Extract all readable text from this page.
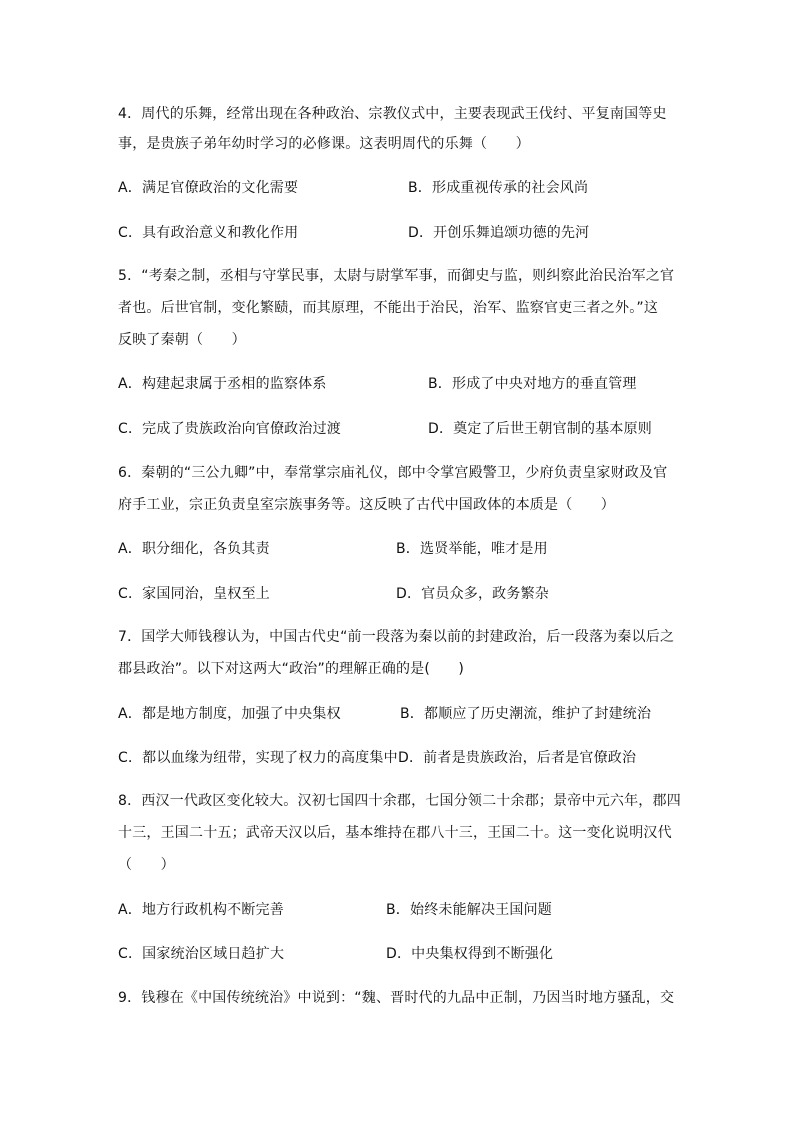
4．周代的乐舞，经常出现在各种政治、宗教仪式中，主要表现武王伐纣、平复南国等史
事，是贵族子弟年幼时学习的必修课。这表明周代的乐舞（　　）
A．满足官僚政治的文化需要	B．形成重视传承的社会风尚
C．具有政治意义和教化作用	D．开创乐舞追颂功德的先河
5．“考秦之制，丞相与守掌民事，太尉与尉掌军事，而御史与监，则纠察此治民治军之官
者也。后世官制，变化繁赜，而其原理，不能出于治民，治军、监察官吏三者之外。”这
反映了秦朝（　　）
A．构建起隶属于丞相的监察体系	B．形成了中央对地方的垂直管理
C．完成了贵族政治向官僚政治过渡	D．奠定了后世王朝官制的基本原则
6．秦朝的“三公九卿”中，奉常掌宗庙礼仪，郎中令掌宫殿警卫，少府负责皇家财政及官
府手工业，宗正负责皇室宗族事务等。这反映了古代中国政体的本质是（　　）
A．职分细化，各负其责	B．选贤举能，唯才是用
C．家国同治，皇权至上	D．官员众多，政务繁杂
7．国学大师钱穆认为，中国古代史“前一段落为秦以前的封建政治，后一段落为秦以后之
郡县政治”。以下对这两大“政治”的理解正确的是(　　)
A．都是地方制度，加强了中央集权	B．都顺应了历史潮流，维护了封建统治
C．都以血缘为纽带，实现了权力的高度集中 D．前者是贵族政治，后者是官僚政治
8．西汉一代政区变化较大。汉初七国四十余郡，七国分领二十余郡；景帝中元六年，郡四
十三，王国二十五；武帝天汉以后，基本维持在郡八十三，王国二十。这一变化说明汉代
（　　）
A．地方行政机构不断完善	B．始终未能解决王国问题
C．国家统治区域日趋扩大	D．中央集权得到不断强化
9．钱穆在《中国传统统治》中说到：“魏、晋时代的九品中正制，乃因当时地方骚乱，交
